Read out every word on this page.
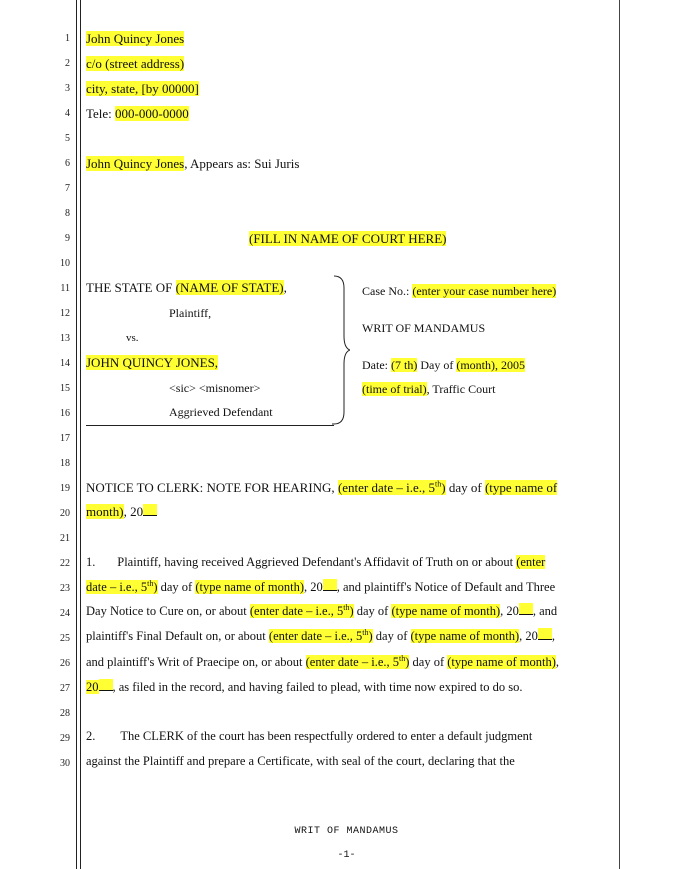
1
2
3
4
5
6
7
8
9
10
11
12
13
14
15
16
17
18
19
20
21
22
23
24
25
26
27
28
29
30
John Quincy Jones
c/o (street address)
city, state, [by 00000]
Tele: 000-000-0000
John Quincy Jones, Appears as: Sui Juris
(FILL IN NAME OF COURT HERE)
THE STATE OF (NAME OF STATE),
Plaintiff,
vs.
JOHN QUINCY JONES,
<sic> <misnomer>
Aggrieved Defendant
Case No.: (enter your case number here)
WRIT OF MANDAMUS
Date: (7 th) Day of (month), 2005
(time of trial), Traffic Court
NOTICE TO CLERK: NOTE FOR HEARING, (enter date – i.e., 5th) day of (type name of
month), 20
1. Plaintiff, having received Aggrieved Defendant's Affidavit of Truth on or about (enter
date – i.e., 5th) day of (type name of month), 20 , and plaintiff's Notice of Default and Three
Day Notice to Cure on, or about (enter date – i.e., 5th) day of (type name of month), 20 , and
plaintiff's Final Default on, or about (enter date – i.e., 5th) day of (type name of month), 20 ,
and plaintiff's Writ of Praecipe on, or about (enter date – i.e., 5th) day of (type name of month),
20 , as filed in the record, and having failed to plead, with time now expired to do so.
2. The CLERK of the court has been respectfully ordered to enter a default judgment
against the Plaintiff and prepare a Certificate, with seal of the court, declaring that the
WRIT OF MANDAMUS
-1-
